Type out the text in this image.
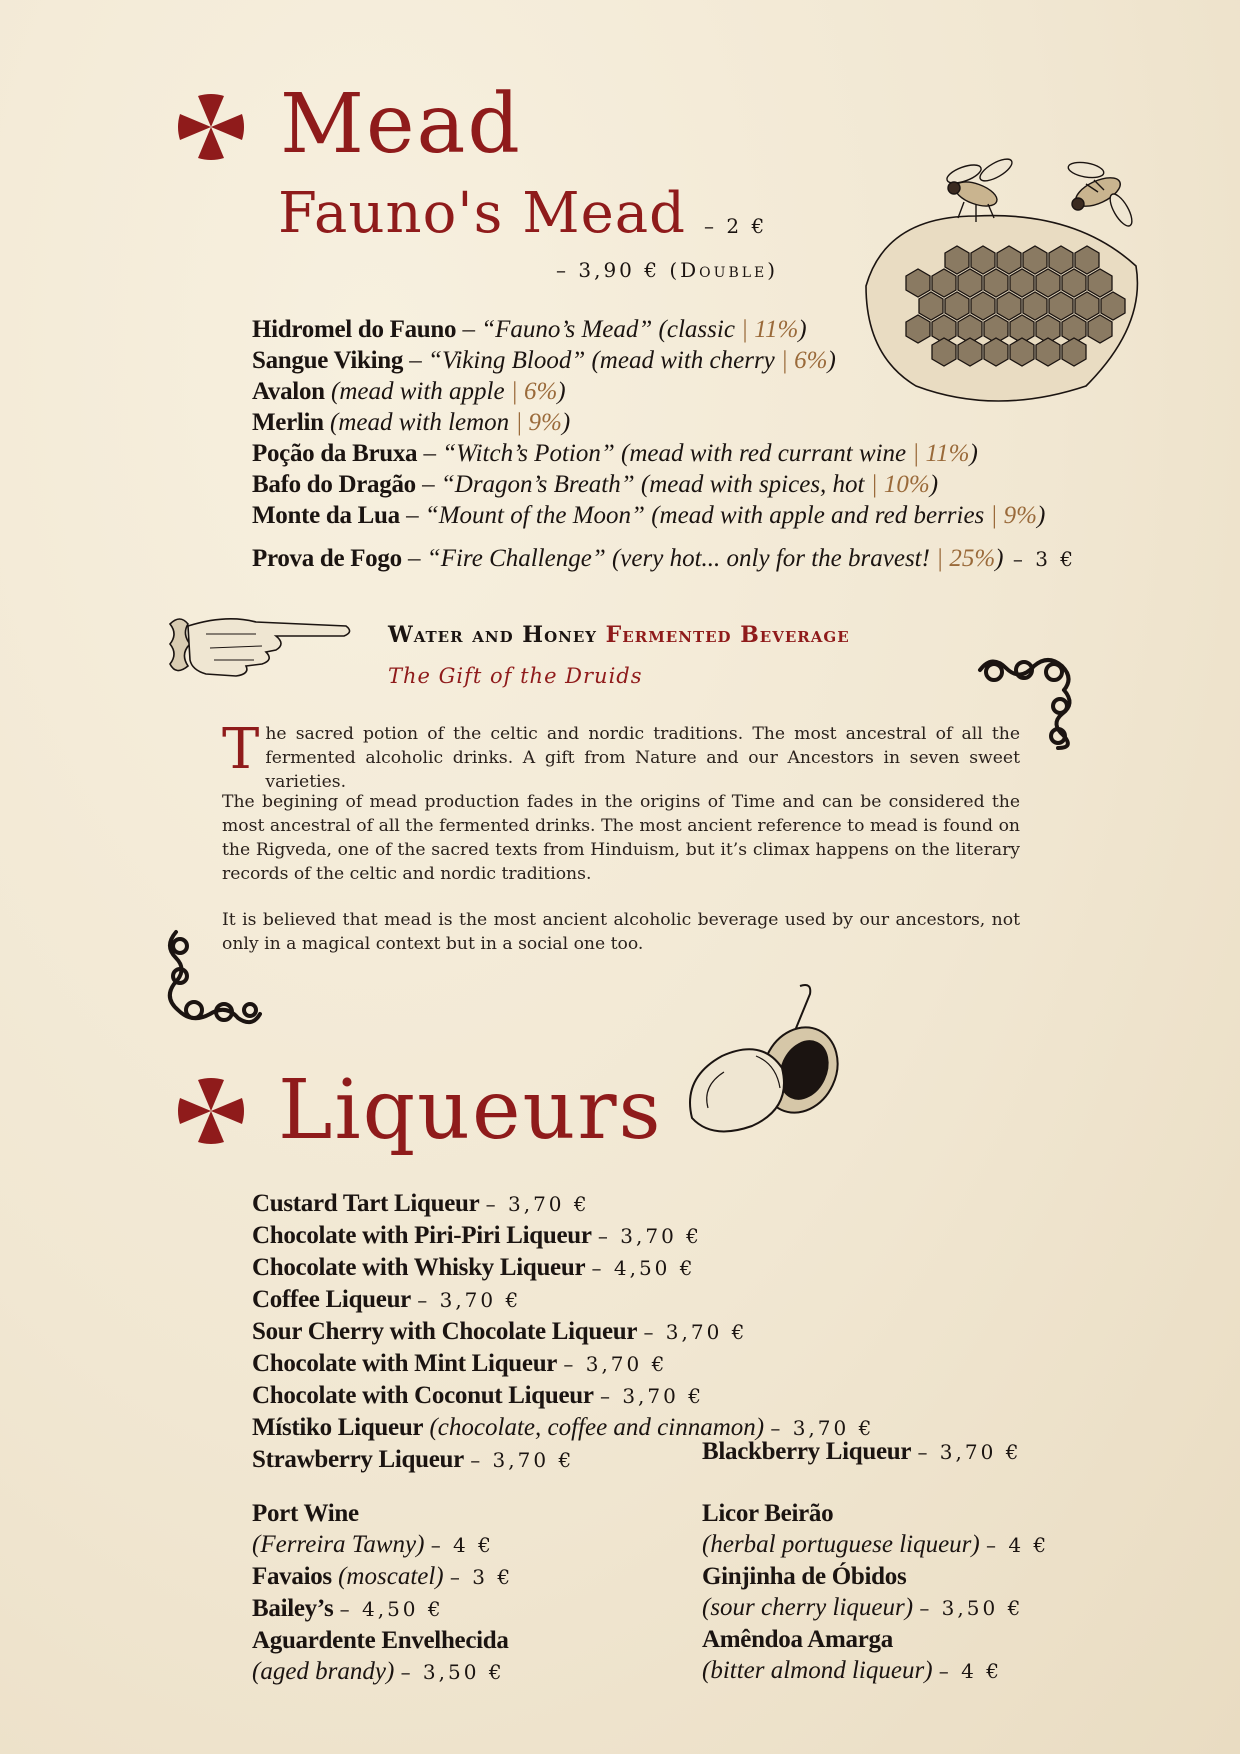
Mead
Fauno's Mead – 2 €
– 3,90 € (Double)
Hidromel do Fauno – “Fauno’s Mead” (classic | 11%)
Sangue Viking – “Viking Blood” (mead with cherry | 6%)
Avalon (mead with apple | 6%)
Merlin (mead with lemon | 9%)
Poção da Bruxa – “Witch’s Potion” (mead with red currant wine | 11%)
Bafo do Dragão – “Dragon’s Breath” (mead with spices, hot | 10%)
Monte da Lua – “Mount of the Moon” (mead with apple and red berries | 9%)
Prova de Fogo – “Fire Challenge” (very hot... only for the bravest! | 25%) – 3 €
Water and Honey Fermented Beverage
The Gift of the Druids
The sacred potion of the celtic and nordic traditions. The most ancestral of all the fermented alcoholic drinks. A gift from Nature and our Ancestors in seven sweet varieties.
The begining of mead production fades in the origins of Time and can be considered the most ancestral of all the fermented drinks. The most ancient reference to mead is found on the Rigveda, one of the sacred texts from Hinduism, but it’s climax happens on the literary records of the celtic and nordic traditions.
It is believed that mead is the most ancient alcoholic beverage used by our ancestors, not only in a magical context but in a social one too.
Liqueurs
Custard Tart Liqueur – 3,70 €
Chocolate with Piri-Piri Liqueur – 3,70 €
Chocolate with Whisky Liqueur – 4,50 €
Coffee Liqueur – 3,70 €
Sour Cherry with Chocolate Liqueur – 3,70 €
Chocolate with Mint Liqueur – 3,70 €
Chocolate with Coconut Liqueur – 3,70 €
Místiko Liqueur (chocolate, coffee and cinnamon) – 3,70 €
Strawberry Liqueur – 3,70 €	Blackberry Liqueur – 3,70 €
Port Wine
(Ferreira Tawny) – 4 €
Favaios (moscatel) – 3 €
Bailey’s – 4,50 €
Aguardente Envelhecida
(aged brandy) – 3,50 €
Licor Beirão
(herbal portuguese liqueur) – 4 €
Ginjinha de Óbidos
(sour cherry liqueur) – 3,50 €
Amêndoa Amarga
(bitter almond liqueur) – 4 €
